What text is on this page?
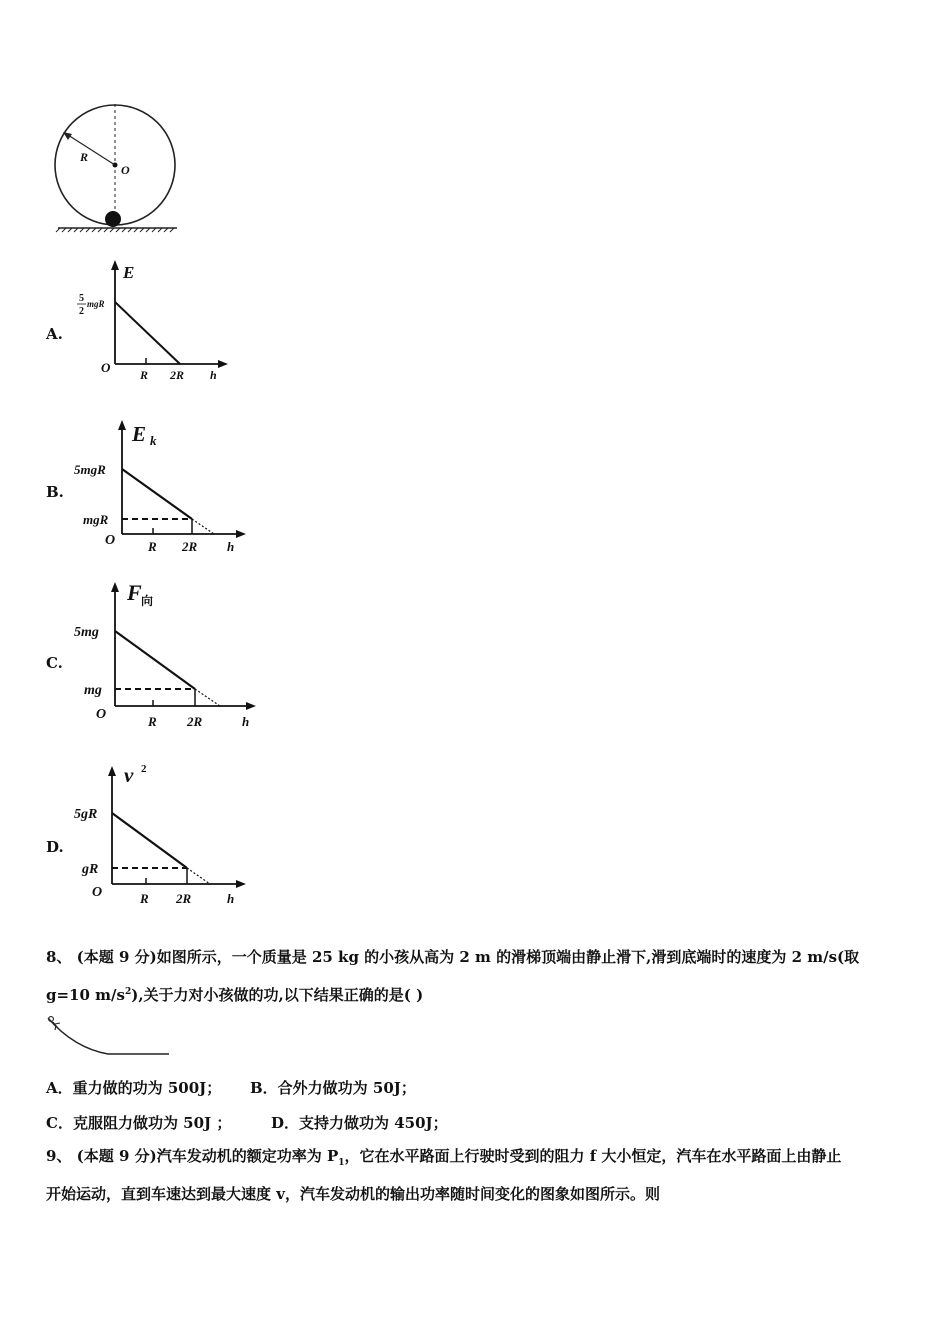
R
O
A.
E
5
2
mgR
O R 2R h
B.
E k
5mgR
mgR
O	R 2R h
C.
F 向
5mg
mg
O	R 2R	h
D.
v 2
5gR
gR
O	R 2R	h
8、 (本题 9 分)如图所示，一个质量是 25 kg 的小孩从高为 2 m 的滑梯顶端由静止滑下,滑到底端时的速度为 2 m/s(取
g=10 $m/s^2$),关于力对小孩做的功,以下结果正确的是( )
A．重力做的功为 500J； B．合外力做功为 50J；
C．克服阻力做功为 50J ；	D．支持力做功为 450J；
9、 (本题 9 分)汽车发动机的额定功率为 $P_1$，它在水平路面上行驶时受到的阻力 f 大小恒定，汽车在水平路面上由静止
开始运动，直到车速达到最大速度 v，汽车发动机的输出功率随时间变化的图象如图所示。则
